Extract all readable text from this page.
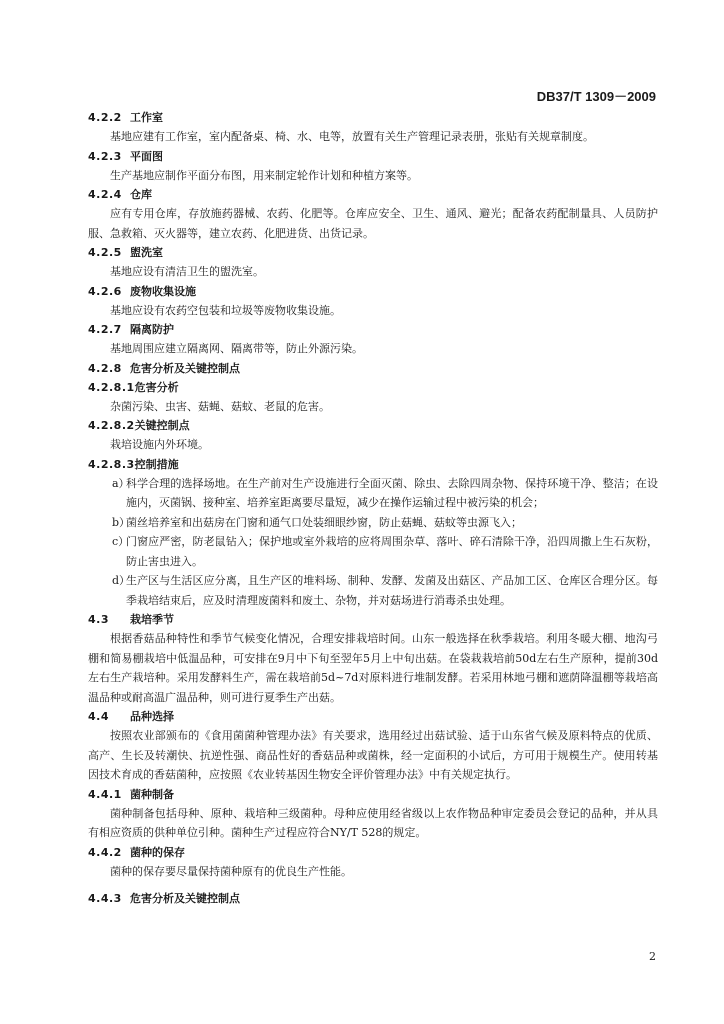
DB37/T 1309－2009
4.2.2 工作室
基地应建有工作室，室内配备桌、椅、水、电等，放置有关生产管理记录表册，张贴有关规章制度。
4.2.3 平面图
生产基地应制作平面分布图，用来制定轮作计划和种植方案等。
4.2.4 仓库
应有专用仓库，存放施药器械、农药、化肥等。仓库应安全、卫生、通风、避光；配备农药配制量具、人员防护服、急救箱、灭火器等，建立农药、化肥进货、出货记录。
4.2.5 盥洗室
基地应设有清洁卫生的盥洗室。
4.2.6 废物收集设施
基地应设有农药空包装和垃圾等废物收集设施。
4.2.7 隔离防护
基地周围应建立隔离网、隔离带等，防止外源污染。
4.2.8 危害分析及关键控制点
4.2.8.1危害分析
杂菌污染、虫害、菇蝇、菇蚊、老鼠的危害。
4.2.8.2关键控制点
栽培设施内外环境。
4.2.8.3控制措施
a）
科学合理的选择场地。在生产前对生产设施进行全面灭菌、除虫、去除四周杂物、保持环境干净、整洁；在设施内，灭菌锅、接种室、培养室距离要尽量短，减少在操作运输过程中被污染的机会；
b）
菌丝培养室和出菇房在门窗和通气口处装细眼纱窗，防止菇蝇、菇蚊等虫源飞入；
c）
门窗应严密，防老鼠钻入；保护地或室外栽培的应将周围杂草、落叶、碎石清除干净，沿四周撒上生石灰粉，防止害虫进入。
d）
生产区与生活区应分离，且生产区的堆料场、制种、发酵、发菌及出菇区、产品加工区、仓库区合理分区。每季栽培结束后，应及时清理废菌料和废土、杂物，并对菇场进行消毒杀虫处理。
4.3 栽培季节
根据香菇品种特性和季节气候变化情况，合理安排栽培时间。山东一般选择在秋季栽培。利用冬暖大棚、地沟弓棚和简易棚栽培中低温品种，可安排在9月中下旬至翌年5月上中旬出菇。在袋栽栽培前50d左右生产原种，提前30d左右生产栽培种。采用发酵料生产，需在栽培前5d~7d对原料进行堆制发酵。若采用林地弓棚和遮荫降温棚等栽培高温品种或耐高温广温品种，则可进行夏季生产出菇。
4.4 品种选择
按照农业部颁布的《食用菌菌种管理办法》有关要求，选用经过出菇试验、适于山东省气候及原料特点的优质、高产、生长及转潮快、抗逆性强、商品性好的香菇品种或菌株，经一定面积的小试后，方可用于规模生产。使用转基因技术育成的香菇菌种，应按照《农业转基因生物安全评价管理办法》中有关规定执行。
4.4.1 菌种制备
菌种制备包括母种、原种、栽培种三级菌种。母种应使用经省级以上农作物品种审定委员会登记的品种，并从具有相应资质的供种单位引种。菌种生产过程应符合NY/T 528的规定。
4.4.2 菌种的保存
菌种的保存要尽量保持菌种原有的优良生产性能。
4.4.3 危害分析及关键控制点
2
